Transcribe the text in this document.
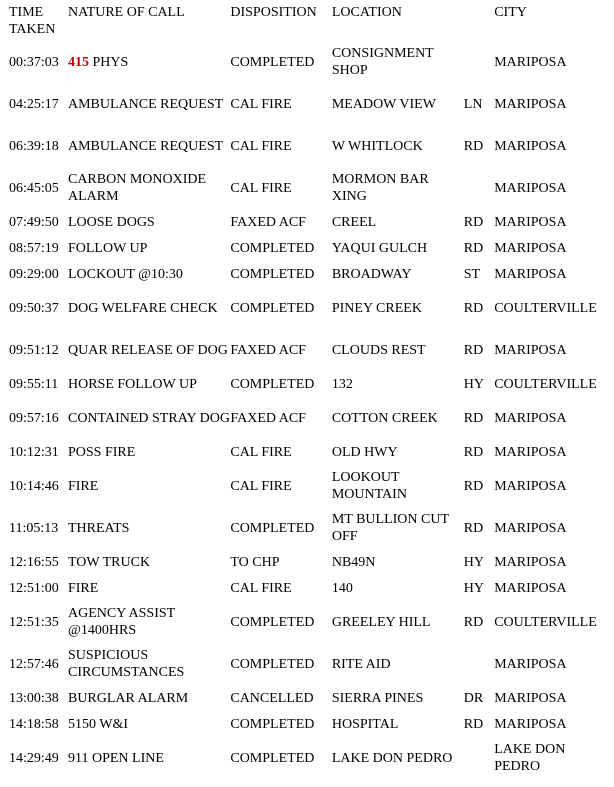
TIME TAKEN	NATURE OF CALL	DISPOSITION	LOCATION		CITY
00:37:03	415 PHYS	COMPLETED	CONSIGNMENT SHOP		MARIPOSA
04:25:17	AMBULANCE REQUEST	CAL FIRE	MEADOW VIEW	LN	MARIPOSA
06:39:18	AMBULANCE REQUEST	CAL FIRE	W WHITLOCK	RD	MARIPOSA
06:45:05	CARBON MONOXIDE ALARM	CAL FIRE	MORMON BAR XING		MARIPOSA
07:49:50	LOOSE DOGS	FAXED ACF	CREEL	RD	MARIPOSA
08:57:19	FOLLOW UP	COMPLETED	YAQUI GULCH	RD	MARIPOSA
09:29:00	LOCKOUT @10:30	COMPLETED	BROADWAY	ST	MARIPOSA
09:50:37	DOG WELFARE CHECK	COMPLETED	PINEY CREEK	RD	COULTERVILLE
09:51:12	QUAR RELEASE OF DOG	FAXED ACF	CLOUDS REST	RD	MARIPOSA
09:55:11	HORSE FOLLOW UP	COMPLETED	132	HY	COULTERVILLE
09:57:16	CONTAINED STRAY DOG	FAXED ACF	COTTON CREEK	RD	MARIPOSA
10:12:31	POSS FIRE	CAL FIRE	OLD HWY	RD	MARIPOSA
10:14:46	FIRE	CAL FIRE	LOOKOUT MOUNTAIN	RD	MARIPOSA
11:05:13	THREATS	COMPLETED	MT BULLION CUT OFF	RD	MARIPOSA
12:16:55	TOW TRUCK	TO CHP	NB49N	HY	MARIPOSA
12:51:00	FIRE	CAL FIRE	140	HY	MARIPOSA
12:51:35	AGENCY ASSIST @1400HRS	COMPLETED	GREELEY HILL	RD	COULTERVILLE
12:57:46	SUSPICIOUS CIRCUMSTANCES	COMPLETED	RITE AID		MARIPOSA
13:00:38	BURGLAR ALARM	CANCELLED	SIERRA PINES	DR	MARIPOSA
14:18:58	5150 W&I	COMPLETED	HOSPITAL	RD	MARIPOSA
14:29:49	911 OPEN LINE	COMPLETED	LAKE DON PEDRO		LAKE DON PEDRO
